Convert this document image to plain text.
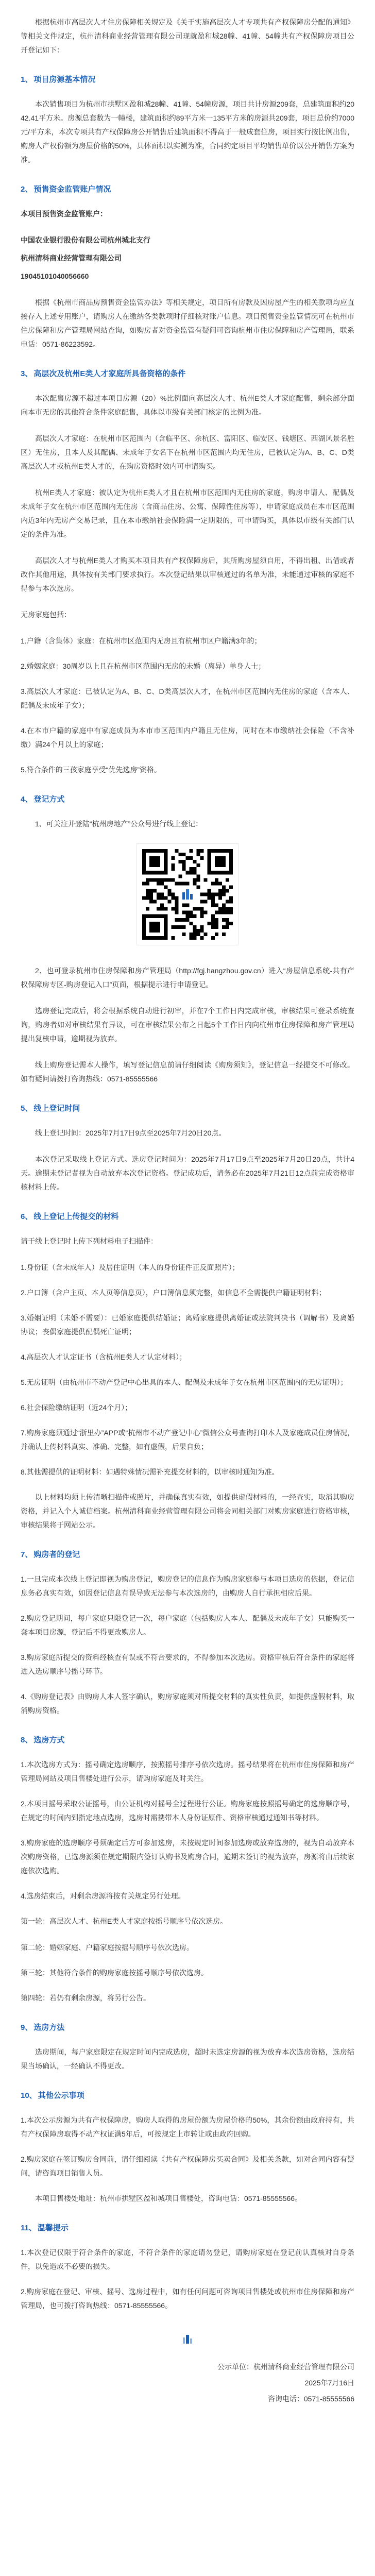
根据杭州市高层次人才住房保障相关规定及《关于实施高层次人才专项共有产权保障房分配的通知》等相关文件规定，杭州清科商业经营管理有限公司现就盈和城28幢、41幢、54幢共有产权保障房项目公开登记如下：

1、 项目房源基本情况

本次销售项目为杭州市拱墅区盈和城28幢、41幢、54幢房源，项目共计房源209套，总建筑面积约2042.41平方米。房源总套数为一幢楼，建筑面积约89平方米一135平方米的房源共209套，项目总价约7000元/平方米，本次专项共有产权保障房公开销售后建筑面积不得高于一般成套住房，项目实行按比例出售，购房人产权份额为房屋价格的50%，具体面积以实测为准，合同约定项目平均销售单价以公开销售方案为准。

2、 预售资金监管账户情况
本项目预售资金监管账户：
中国农业银行股份有限公司杭州城北支行
杭州清科商业经营管理有限公司
19045101040056660

根据《杭州市商品房预售资金监管办法》等相关规定，项目所有房款及因房屋产生的相关款项均应直接存入上述专用账户，请购房人在缴纳各类款项时仔细核对账户信息。项目预售资金监管情况可在杭州市住房保障和房产管理局网站查询，如购房者对资金监管有疑问可咨询杭州市住房保障和房产管理局，联系电话：0571-86223592。

3、 高层次及杭州E类人才家庭所具备资格的条件

本次配售房源不超过本项目房源（20）%比例面向高层次人才、杭州E类人才家庭配售，剩余部分面向本市无房的其他符合条件家庭配售，具体以市级有关部门核定的比例为准。

高层次人才家庭：在杭州市区范围内（含临平区、余杭区、富阳区、临安区、钱塘区、西湖风景名胜区）无住房，且本人及其配偶、未成年子女名下在杭州市区范围内均无住房，已被认定为A、B、C、D类高层次人才或杭州E类人才的，在购房资格时效内可申请购买。

杭州E类人才家庭：被认定为杭州E类人才且在杭州市区范围内无住房的家庭，购房申请人、配偶及未成年子女在杭州市区范围内无住房（含商品住房、公寓、保障性住房等），申请家庭成员在本市区范围内近3年内无房产交易记录，且在本市缴纳社会保险满一定期限的，可申请购买，具体以市级有关部门认定的条件为准。

高层次人才与杭州E类人才购买本项目共有产权保障房后，其所购房屋须自用，不得出租、出借或者改作其他用途，具体按有关部门要求执行。本次登记结果以审核通过的名单为准，未能通过审核的家庭不得参与本次选房。

无房家庭包括：

1.户籍（含集体）家庭：在杭州市区范围内无房且有杭州市区户籍满3年的；

2.婚姻家庭：30周岁以上且在杭州市区范围内无房的未婚（离异）单身人士；

3.高层次人才家庭：已被认定为A、B、C、D类高层次人才，在杭州市区范围内无住房的家庭（含本人、配偶及未成年子女）；

4.在本市户籍的家庭中有家庭成员为本市市区范围内户籍且无住房，同时在本市缴纳社会保险（不含补缴）满24个月以上的家庭；

5.符合条件的三孩家庭享受“优先选房”资格。

4、 登记方式

1、可关注并登陆“杭州房地产”公众号进行线上登记：

2、也可登录杭州市住房保障和房产管理局（http://fgj.hangzhou.gov.cn）进入“房屋信息系统-共有产权保障房专区-购房登记入口”页面，根据提示进行申请登记。

选房登记完成后，将会根据系统自动进行初审，并在7个工作日内完成审核，审核结果可登录系统查询，购房者如对审核结果有异议，可在审核结果公布之日起5个工作日内向杭州市住房保障和房产管理局提出复核申请，逾期视为放弃。

线上购房登记需本人操作，填写登记信息前请仔细阅读《购房须知》，登记信息一经提交不可修改。如有疑问请拨打咨询热线：0571-85555566

5、 线上登记时间

线上登记时间：2025年7月17日9点至2025年7月20日20点。

本次登记采取线上登记方式。选房登记时间为：2025年7月17日9点至2025年7月20日20点，共计4天。逾期未登记者视为自动放弃本次登记资格。登记成功后，请务必在2025年7月21日12点前完成资格审核材料上传。

6、 线上登记上传提交的材料

请于线上登记时上传下列材料电子扫描件：

1.身份证（含未成年人）及居住证明（本人的身份证件正反面照片）；

2.户口簿（含户主页、本人页等信息页），户口簿信息须完整，如信息不全需提供户籍证明材料；

3.婚姻证明（未婚不需要）：已婚家庭提供结婚证；离婚家庭提供离婚证或法院判决书（调解书）及离婚协议；丧偶家庭提供配偶死亡证明；

4.高层次人才认定证书（含杭州E类人才认定材料）；

5.无房证明（由杭州市不动产登记中心出具的本人、配偶及未成年子女在杭州市区范围内的无房证明）；

6.社会保险缴纳证明（近24个月）；

7.购房家庭须通过“浙里办”APP或“杭州市不动产登记中心”微信公众号查询打印本人及家庭成员住房情况，并确认上传材料真实、准确、完整，如有虚假，后果自负；

8.其他需提供的证明材料：如遇特殊情况需补充提交材料的，以审核时通知为准。

以上材料均须上传清晰扫描件或照片，并确保真实有效，如提供虚假材料的，一经查实，取消其购房资格，并记入个人诚信档案。杭州清科商业经营管理有限公司将会同相关部门对购房家庭进行资格审核，审核结果将于网站公示。

7、 购房者的登记

1.一旦完成本次线上登记即视为购房登记，购房登记的信息作为购房家庭参与本项目选房的依据，登记信息务必真实有效，如因登记信息有误导致无法参与本次选房的，由购房人自行承担相应后果。

2.购房登记期间，每户家庭只限登记一次，每户家庭（包括购房人本人、配偶及未成年子女）只能购买一套本项目房源，登记后不得更改购房人。

3.购房家庭所提交的资料经核查有误或不符合要求的，不得参加本次选房。资格审核后符合条件的家庭将进入选房顺序号摇号环节。

4.《购房登记表》由购房人本人签字确认，购房家庭须对所提交材料的真实性负责，如提供虚假材料，取消购房资格。

8、 选房方式

1.本次选房方式为：摇号确定选房顺序，按照摇号排序号依次选房。摇号结果将在杭州市住房保障和房产管理局网站及项目售楼处进行公示，请购房家庭及时关注。

2.本项目摇号采取公证摇号，由公证机构对摇号全过程进行公证。购房家庭按照摇号确定的选房顺序号，在规定的时间内到指定地点选房，选房时需携带本人身份证原件、资格审核通过通知书等材料。

3.购房家庭的选房顺序号须确定后方可参加选房，未按规定时间参加选房或放弃选房的，视为自动放弃本次购房资格，已选房源须在规定期限内签订认购书及购房合同，逾期未签订的视为放弃，房源将由后续家庭依次选购。

4.选房结束后，对剩余房源将按有关规定另行处理。

第一轮：高层次人才、杭州E类人才家庭按摇号顺序号依次选房。

第二轮：婚姻家庭、户籍家庭按摇号顺序号依次选房。

第三轮：其他符合条件的购房家庭按摇号顺序号依次选房。

第四轮：若仍有剩余房源，将另行公告。

9、 选房方法

选房期间，每户家庭限定在规定时间内完成选房，超时未选定房源的视为放弃本次选房资格，选房结果当场确认，一经确认不得更改。

10、 其他公示事项

1.本次公示房源为共有产权保障房，购房人取得的房屋份额为房屋价格的50%，其余份额由政府持有，共有产权保障房取得不动产权证满5年后，可按规定上市转让或由政府回购。

2.购房家庭在签订购房合同前，请仔细阅读《共有产权保障房买卖合同》及相关条款，如对合同内容有疑问，请咨询项目销售人员。

本项目售楼处地址：杭州市拱墅区盈和城项目售楼处，咨询电话：0571-85555566。

11、 温馨提示

1.本次登记仅限于符合条件的家庭，不符合条件的家庭请勿登记，请购房家庭在登记前认真核对自身条件，以免造成不必要的损失。

2.购房家庭在登记、审核、摇号、选房过程中，如有任何问题可咨询项目售楼处或杭州市住房保障和房产管理局，也可拨打咨询热线：0571-85555566。

公示单位：杭州清科商业经营管理有限公司

2025年7月16日

咨询电话：0571-85555566
